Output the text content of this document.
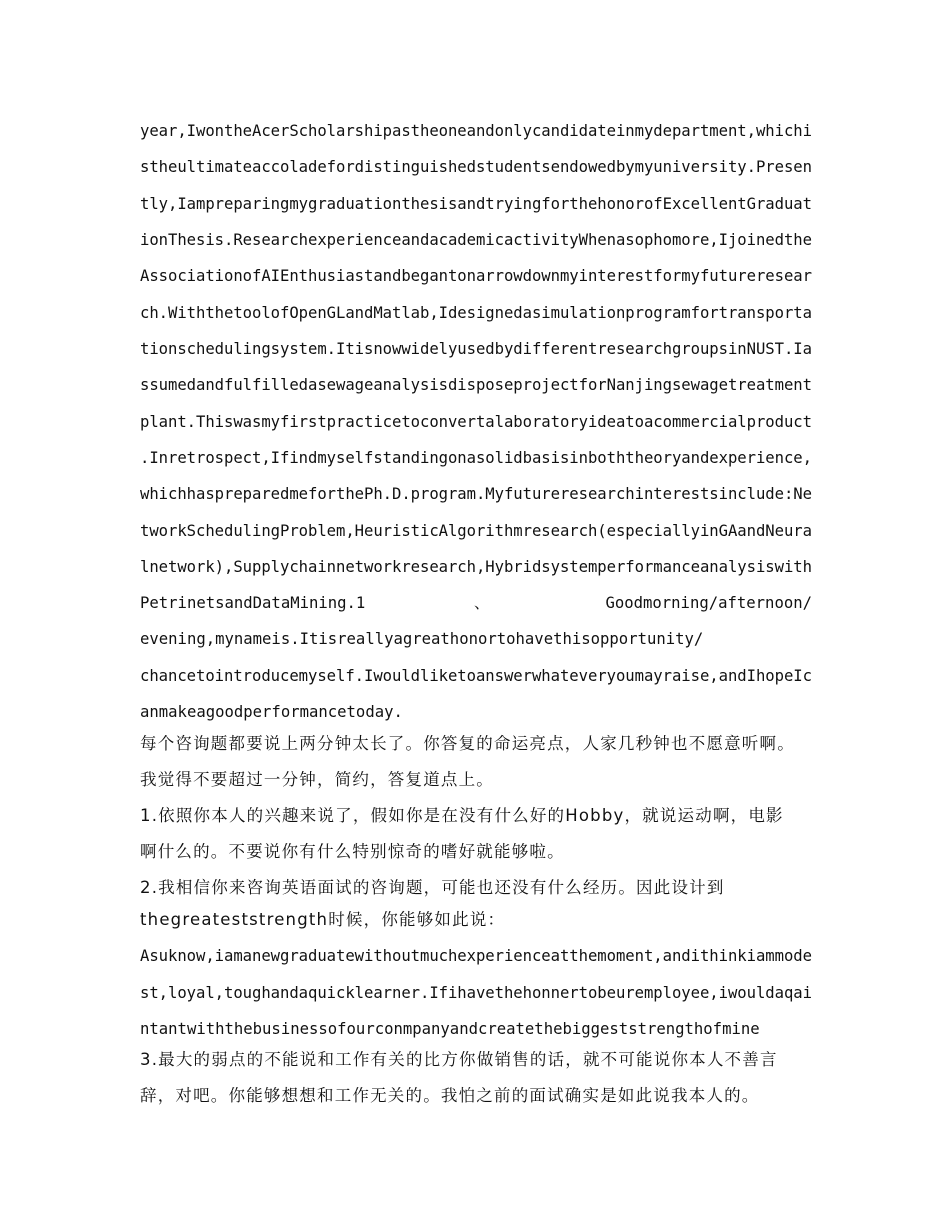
year,IwontheAcerScholarshipastheoneandonlycandidateinmydepartment,whichi

stheultimateaccoladefordistinguishedstudentsendowedbymyuniversity.Presen

tly,IampreparingmygraduationthesisandtryingforthehonorofExcellentGraduat

ionThesis.ResearchexperienceandacademicactivityWhenasophomore,Ijoinedthe

AssociationofAIEnthusiastandbegantonarrowdownmyinterestformyfutureresear

ch.WiththetoolofOpenGLandMatlab,Idesignedasimulationprogramfortransporta

tionschedulingsystem.ItisnowwidelyusedbydifferentresearchgroupsinNUST.Ia

ssumedandfulfilledasewageanalysisdisposeprojectforNanjingsewagetreatment

plant.Thiswasmyfirstpracticetoconvertalaboratoryideatoacommercialproduct

.Inretrospect,Ifindmyselfstandingonasolidbasisinboththeoryandexperience,

whichhaspreparedmeforthePh.D.program.Myfutureresearchinterestsinclude:Ne

tworkSchedulingProblem,HeuristicAlgorithmresearch(especiallyinGAandNeura

lnetwork),Supplychainnetworkresearch,Hybridsystemperformanceanalysiswith

PetrinetsandDataMining.1	、	Goodmorning/afternoon/

evening,mynameis.Itisreallyagreathonortohavethisopportunity/

chancetointroducemyself.Iwouldliketoanswerwhateveryoumayraise,andIhopeIc

anmakeagoodperformancetoday.

每个咨询题都要说上两分钟太长了。你答复的命运亮点，人家几秒钟也不愿意听啊。

我觉得不要超过一分钟，简约，答复道点上。

1.依照你本人的兴趣来说了，假如你是在没有什么好的Hobby，就说运动啊，电影

啊什么的。不要说你有什么特别惊奇的嗜好就能够啦。

2.我相信你来咨询英语面试的咨询题，可能也还没有什么经历。因此设计到

thegreateststrength时候，你能够如此说：

Asuknow,iamanewgraduatewithoutmuchexperienceatthemoment,andithinkiammode

st,loyal,toughandaquicklearner.Ifihavethehonnertobeuremployee,iwouldaqai

ntantwiththebusinessofourconmpanyandcreatethebiggeststrengthofmine

3.最大的弱点的不能说和工作有关的比方你做销售的话，就不可能说你本人不善言

辞，对吧。你能够想想和工作无关的。我怕之前的面试确实是如此说我本人的。
